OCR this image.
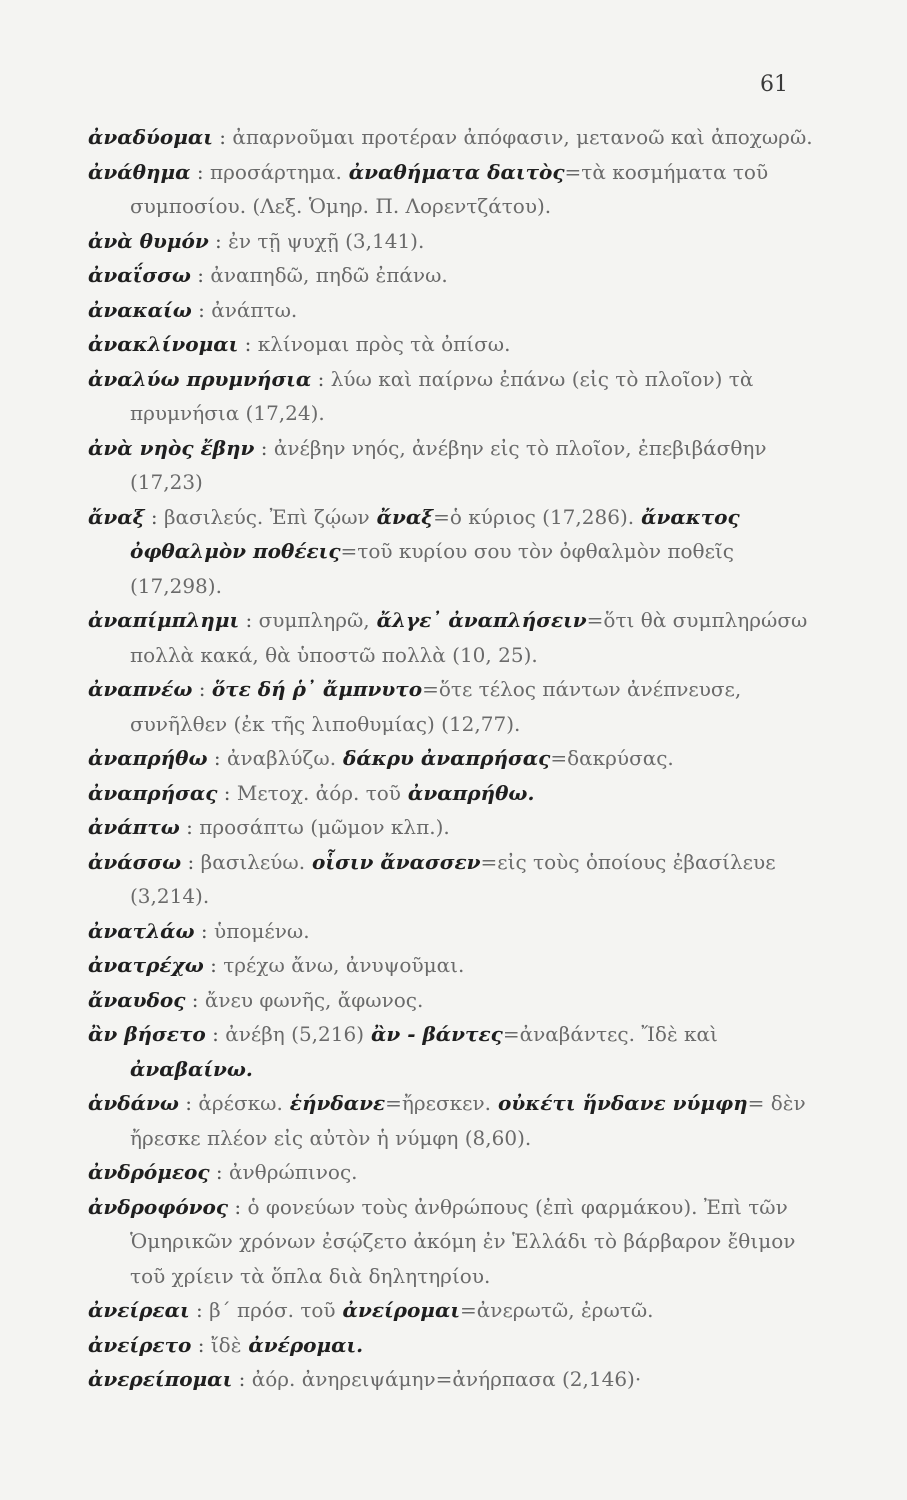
61

ἀναδύομαι : ἀπαρνοῦμαι προτέραν ἀπόφασιν, μετανοῶ καὶ ἀποχωρῶ.

ἀνάθημα : προσάρτημα. ἀναθήματα δαιτὸς=τὰ κοσμήματα τοῦ συμποσίου. (Λεξ. Ὁμηρ. Π. Λορεντζάτου).

ἀνὰ θυμόν : ἐν τῇ ψυχῇ (3,141).

ἀναΐσσω : ἀναπηδῶ, πηδῶ ἐπάνω.

ἀνακαίω : ἀνάπτω.

ἀνακλίνομαι : κλίνομαι πρὸς τὰ ὀπίσω.

ἀναλύω πρυμνήσια : λύω καὶ παίρνω ἐπάνω (εἰς τὸ πλοῖον) τὰ πρυμνήσια (17,24).

ἀνὰ νηὸς ἔβην : ἀνέβην νηός, ἀνέβην εἰς τὸ πλοῖον, ἐπεβιβάσθην (17,23)

ἄναξ : βασιλεύς. Ἐπὶ ζῴων ἄναξ=ὁ κύριος (17,286). ἄνακτος ὀφθαλμὸν ποθέεις=τοῦ κυρίου σου τὸν ὀφθαλμὸν ποθεῖς (17,298).

ἀναπίμπλημι : συμπληρῶ, ἄλγε᾽ ἀναπλήσειν=ὅτι θὰ συμπληρώσω πολλὰ κακά, θὰ ὑποστῶ πολλὰ (10, 25).

ἀναπνέω : ὅτε δή ῥ᾽ ἄμπνυτο=ὅτε τέλος πάντων ἀνέπνευσε, συνῆλθεν (ἐκ τῆς λιποθυμίας) (12,77).

ἀναπρήθω : ἀναβλύζω. δάκρυ ἀναπρήσας=δακρύσας.

ἀναπρήσας : Μετοχ. ἀόρ. τοῦ ἀναπρήθω.

ἀνάπτω : προσάπτω (μῶμον κλπ.).

ἀνάσσω : βασιλεύω. οἷσιν ἄνασσεν=εἰς τοὺς ὁποίους ἐβασίλευε (3,214).

ἀνατλάω : ὑπομένω.

ἀνατρέχω : τρέχω ἄνω, ἀνυψοῦμαι.

ἄναυδος : ἄνευ φωνῆς, ἄφωνος.

ἂν βήσετο : ἀνέβη (5,216) ἂν - βάντες=ἀναβάντες. Ἴδὲ καὶ ἀναβαίνω.

ἁνδάνω : ἀρέσκω. ἑήνδανε=ἤρεσκεν. οὐκέτι ἥνδανε νύμφη= δὲν ἤρεσκε πλέον εἰς αὐτὸν ἡ νύμφη (8,60).

ἀνδρόμεος : ἀνθρώπινος.

ἀνδροφόνος : ὁ φονεύων τοὺς ἀνθρώπους (ἐπὶ φαρμάκου). Ἐπὶ τῶν Ὁμηρικῶν χρόνων ἐσῴζετο ἀκόμη ἐν Ἑλλάδι τὸ βάρβαρον ἔθιμον τοῦ χρίειν τὰ ὅπλα διὰ δηλητηρίου.

ἀνείρεαι : β΄ πρόσ. τοῦ ἀνείρομαι=ἀνερωτῶ, ἐρωτῶ.

ἀνείρετο : ἴδὲ ἀνέρομαι.

ἀνερείπομαι : ἀόρ. ἀνηρειψάμην=ἀνήρπασα (2,146)·
